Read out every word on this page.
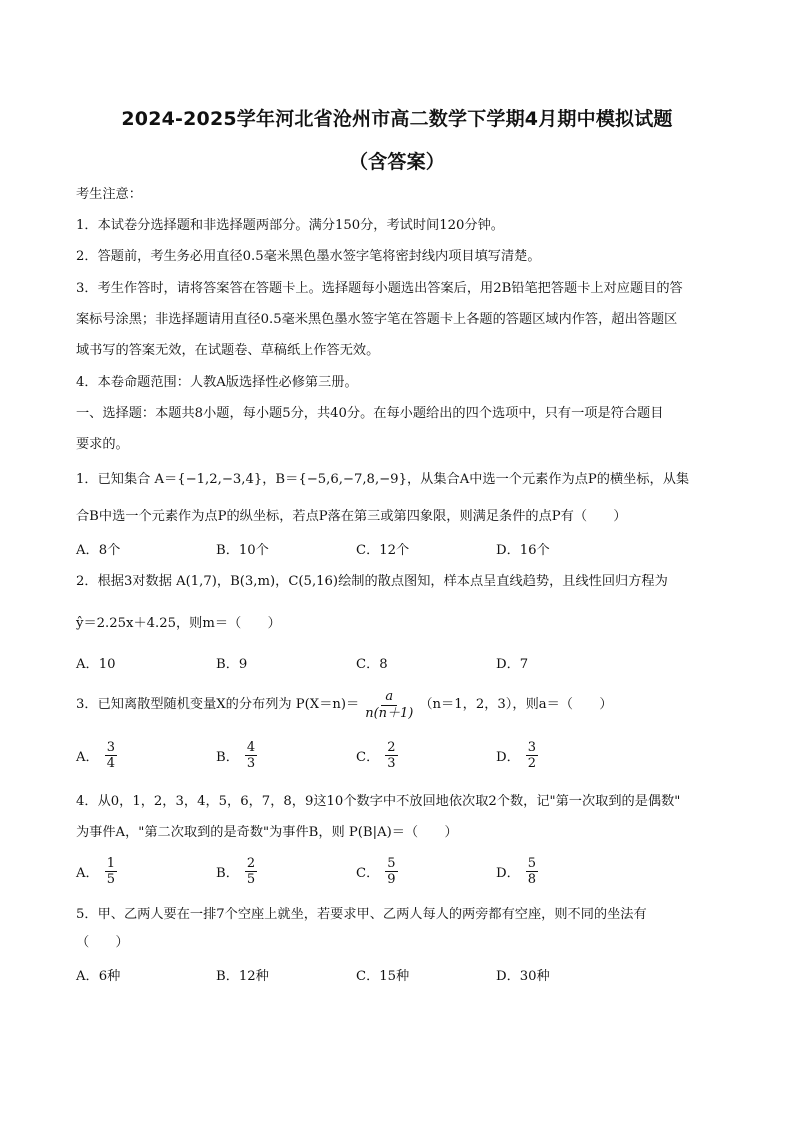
2024-2025学年河北省沧州市高二数学下学期4月期中模拟试题
（含答案）
考生注意：
1．本试卷分选择题和非选择题两部分。满分150分，考试时间120分钟。
2．答题前，考生务必用直径0.5毫米黑色墨水签字笔将密封线内项目填写清楚。
3．考生作答时，请将答案答在答题卡上。选择题每小题选出答案后，用2B铅笔把答题卡上对应题目的答
案标号涂黑；非选择题请用直径0.5毫米黑色墨水签字笔在答题卡上各题的答题区域内作答，超出答题区
域书写的答案无效，在试题卷、草稿纸上作答无效。
4．本卷命题范围：人教A版选择性必修第三册。
一、选择题：本题共8小题，每小题5分，共40分。在每小题给出的四个选项中，只有一项是符合题目
要求的。
1．已知集合 A＝{−1,2,−3,4}，B＝{−5,6,−7,8,−9}，从集合A中选一个元素作为点P的横坐标，从集
合B中选一个元素作为点P的纵坐标，若点P落在第三或第四象限，则满足条件的点P有（　　）
A．8个	B．10个	C．12个	D．16个
2．根据3对数据 A(1,7)，B(3,m)，C(5,16)绘制的散点图知，样本点呈直线趋势，且线性回归方程为
ŷ＝2.25x＋4.25，则m＝（　　）
A．10	B．9	C．8	D．7
3．已知离散型随机变量X的分布列为 $P(X=n)= \frac{a}{n(n+1)} (n=1$，2，3），则a＝（　　）
A． $\frac{3}{4}$	B． $\frac{4}{3}$	C． $\frac{2}{3}$	D． $\frac{3}{2}$
4．从0，1，2，3，4，5，6，7，8，9这10个数字中不放回地依次取2个数，记"第一次取到的是偶数"
为事件A，"第二次取到的是奇数"为事件B，则 P(B|A)＝（　　）
A． $\frac{1}{5}$	B． $\frac{2}{5}$	C． $\frac{5}{9}$	D． $\frac{5}{8}$
5．甲、乙两人要在一排7个空座上就坐，若要求甲、乙两人每人的两旁都有空座，则不同的坐法有
（　　）
A．6种	B．12种	C．15种	D．30种
